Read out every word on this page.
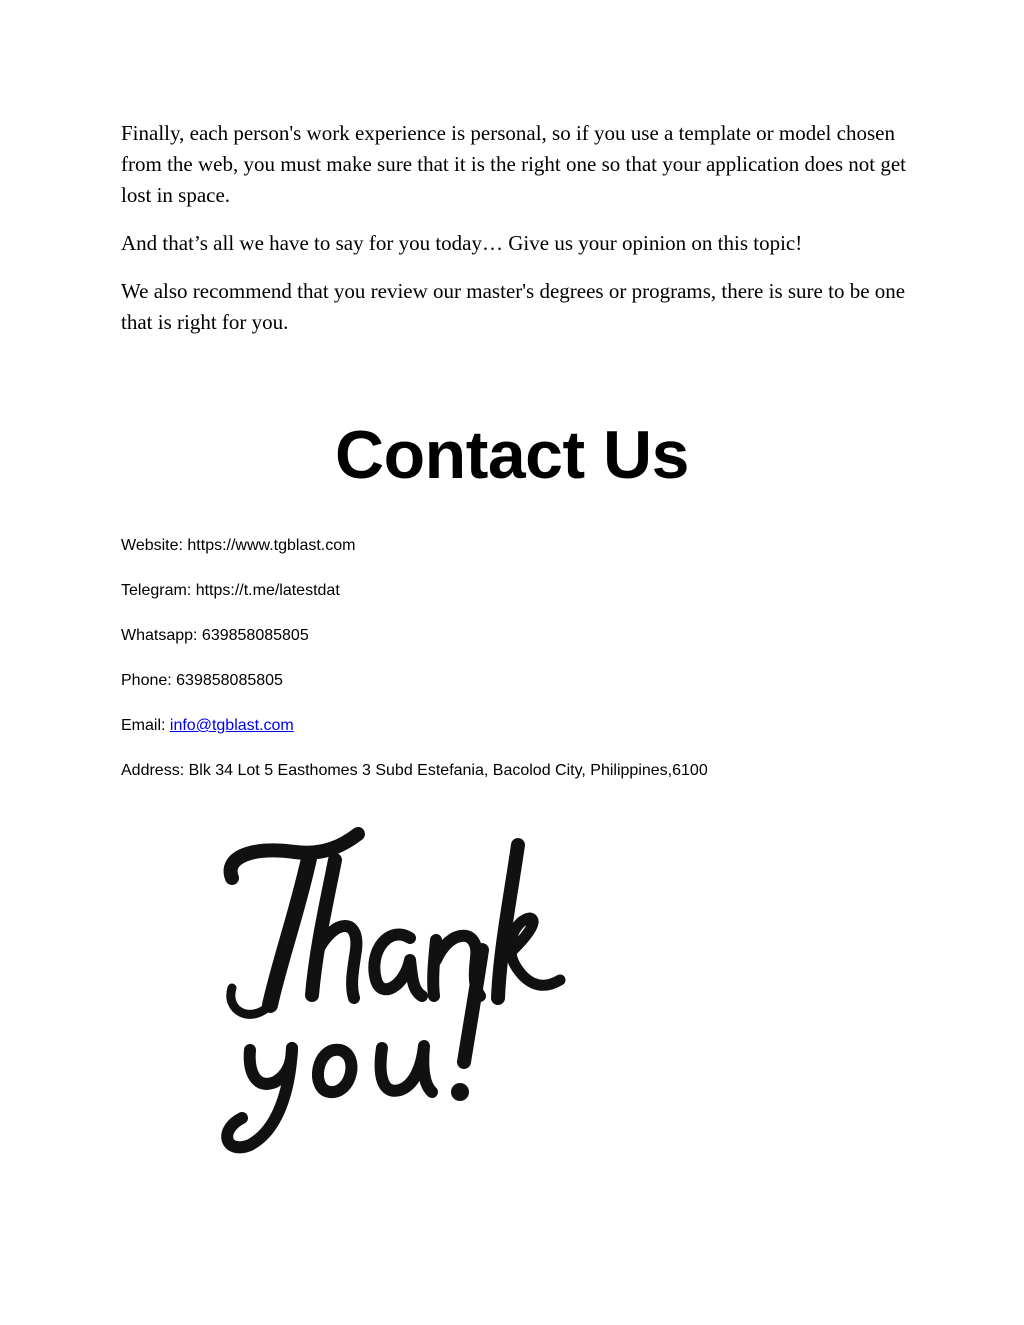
Finally, each person's work experience is personal, so if you use a template or model chosen from the web, you must make sure that it is the right one so that your application does not get lost in space.

And that’s all we have to say for you today… Give us your opinion on this topic!

We also recommend that you review our master's degrees or programs, there is sure to be one that is right for you.

Contact Us

Website: https://www.tgblast.com

Telegram: https://t.me/latestdat

Whatsapp: 639858085805

Phone: 639858085805

Email: info@tgblast.com

Address: Blk 34 Lot 5 Easthomes 3 Subd Estefania, Bacolod City, Philippines,6100
